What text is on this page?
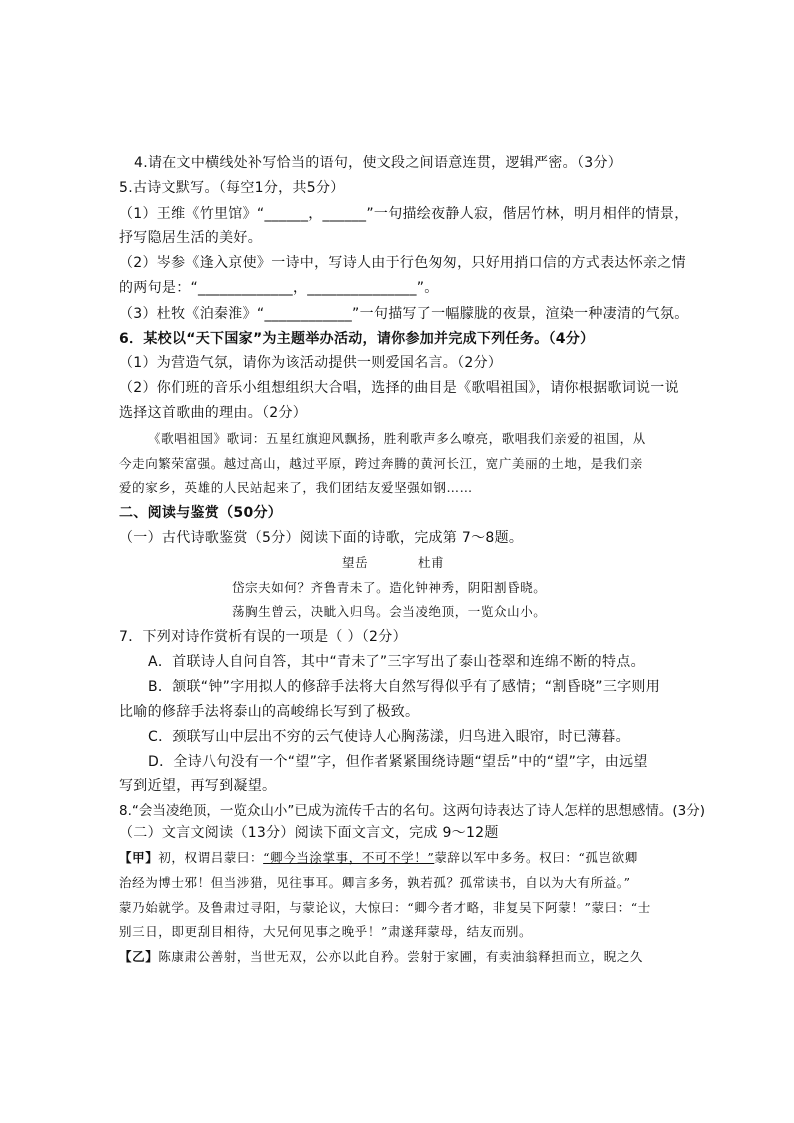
4.请在文中横线处补写恰当的语句，使文段之间语意连贯，逻辑严密。（3分）
5.古诗文默写。（每空1分，共5分）
（1）王维《竹里馆》“______，______”一句描绘夜静人寂，偕居竹林，明月相伴的情景，
抒写隐居生活的美好。
（2）岑参《逢入京使》一诗中，写诗人由于行色匆匆，只好用捎口信的方式表达怀亲之情
的两句是：“_____________，_______________”。
（3）杜牧《泊秦淮》“____________”一句描写了一幅朦胧的夜景，渲染一种凄清的气氛。
6．某校以“天下国家”为主题举办活动，请你参加并完成下列任务。（4分）
（1）为营造气氛，请你为该活动提供一则爱国名言。（2分）
（2）你们班的音乐小组想组织大合唱，选择的曲目是《歌唱祖国》，请你根据歌词说一说
选择这首歌曲的理由。（2分）
《歌唱祖国》歌词：五星红旗迎风飘扬，胜利歌声多么嘹亮，歌唱我们亲爱的祖国，从
今走向繁荣富强。越过高山，越过平原，跨过奔腾的黄河长江，宽广美丽的土地，是我们亲
爱的家乡，英雄的人民站起来了，我们团结友爱坚强如钢……
二、阅读与鉴赏（50分）
（一）古代诗歌鉴赏（5分）阅读下面的诗歌，完成第 7～8题。
望岳	杜甫
岱宗夫如何？齐鲁青未了。造化钟神秀，阴阳割昏晓。
荡胸生曾云，决眦入归鸟。会当凌绝顶，一览众山小。
7．下列对诗作赏析有误的一项是（ ）（2分）
A．首联诗人自问自答，其中“青未了”三字写出了泰山苍翠和连绵不断的特点。
B．颔联“钟”字用拟人的修辞手法将大自然写得似乎有了感情；“割昏晓”三字则用
比喻的修辞手法将泰山的高峻绵长写到了极致。
C．颈联写山中层出不穷的云气使诗人心胸荡漾，归鸟进入眼帘，时已薄暮。
D．全诗八句没有一个“望”字，但作者紧紧围绕诗题“望岳”中的“望”字，由远望
写到近望，再写到凝望。
8.“会当凌绝顶，一览众山小”已成为流传千古的名句。这两句诗表达了诗人怎样的思想感情。(3分)
（二）文言文阅读（13分）阅读下面文言文，完成 9～12题
【甲】初，权谓吕蒙曰：“卿今当涂掌事，不可不学！”蒙辞以军中多务。权曰：“孤岂欲卿
治经为博士邪！但当涉猎，见往事耳。卿言多务，孰若孤？孤常读书，自以为大有所益。”
蒙乃始就学。及鲁肃过寻阳，与蒙论议，大惊曰：“卿今者才略，非复吴下阿蒙！”蒙曰：“士
别三日，即更刮目相待，大兄何见事之晚乎！”肃遂拜蒙母，结友而别。
【乙】陈康肃公善射，当世无双，公亦以此自矜。尝射于家圃，有卖油翁释担而立，睨之久
